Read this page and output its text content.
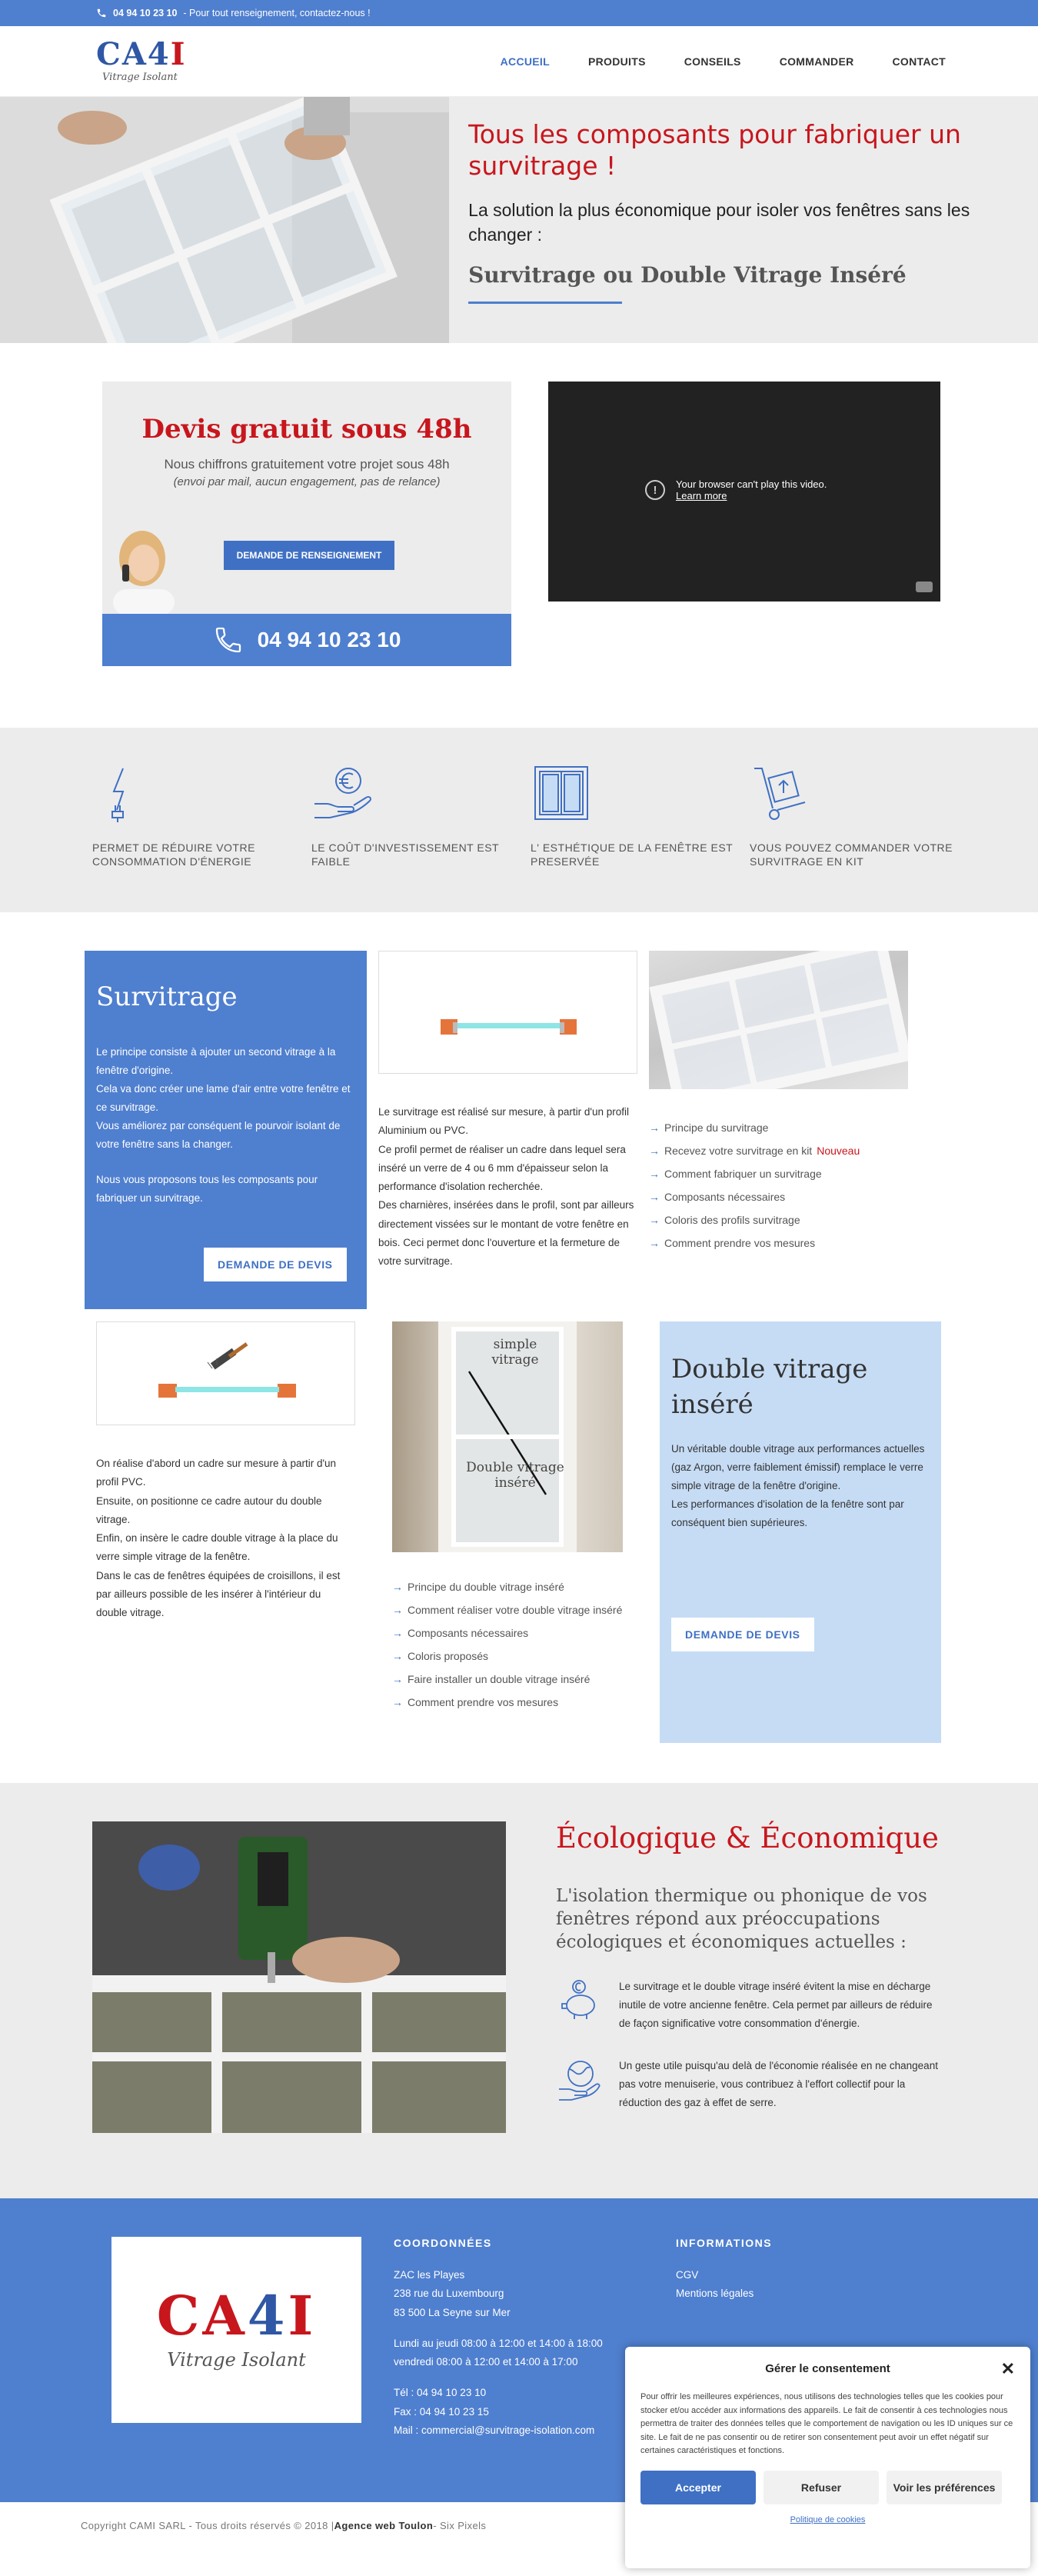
04 94 10 23 10 - Pour tout renseignement, contactez-nous !
CA4I
Vitrage Isolant
ACCUEIL	PRODUITS	CONSEILS	COMMANDER	CONTACT
Tous les composants pour fabriquer un survitrage !

La solution la plus économique pour isoler vos fenêtres sans les changer :

Survitrage ou Double Vitrage Inséré
Devis gratuit sous 48h

Nous chiffrons gratuitement votre projet sous 48h

(envoi par mail, aucun engagement, pas de relance)

DEMANDE DE RENSEIGNEMENT
04 94 10 23 10
!	Your browser can't play this video.
Learn more

PERMET DE RÉDUIRE VOTRE CONSOMMATION D'ÉNERGIE

LE COÛT D'INVESTISSEMENT EST FAIBLE

L' ESTHÉTIQUE DE LA FENÊTRE EST PRESERVÉE

VOUS POUVEZ COMMANDER VOTRE SURVITRAGE EN KIT

Survitrage

Le principe consiste à ajouter un second vitrage à la fenêtre d'origine.

Cela va donc créer une lame d'air entre votre fenêtre et ce survitrage.

Vous améliorez par conséquent le pourvoir isolant de votre fenêtre sans la changer.

Nous vous proposons tous les composants pour fabriquer un survitrage.

DEMANDE DE DEVIS

Le survitrage est réalisé sur mesure, à partir d'un profil Aluminium ou PVC.
Ce profil permet de réaliser un cadre dans lequel sera inséré un verre de 4 ou 6 mm d'épaisseur selon la performance d'isolation recherchée.
Des charnières, insérées dans le profil, sont par ailleurs directement vissées sur le montant de votre fenêtre en bois. Ceci permet donc l'ouverture et la fermeture de votre survitrage.

→ Principe du survitrage
→ Recevez votre survitrage en kit Nouveau
→ Comment fabriquer un survitrage
→ Composants nécessaires
→ Coloris des profils survitrage
→ Comment prendre vos mesures

On réalise d'abord un cadre sur mesure à partir d'un profil PVC.
Ensuite, on positionne ce cadre autour du double vitrage.
Enfin, on insère le cadre double vitrage à la place du verre simple vitrage de la fenêtre.
Dans le cas de fenêtres équipées de croisillons, il est par ailleurs possible de les insérer à l'intérieur du double vitrage.

simple vitrage
Double vitrage inséré
→ Principe du double vitrage inséré
→ Comment réaliser votre double vitrage inséré
→ Composants nécessaires
→ Coloris proposés
→ Faire installer un double vitrage inséré
→ Comment prendre vos mesures
Double vitrage inséré

Un véritable double vitrage aux performances actuelles (gaz Argon, verre faiblement émissif) remplace le verre simple vitrage de la fenêtre d'origine.
Les performances d'isolation de la fenêtre sont par conséquent bien supérieures.

DEMANDE DE DEVIS
Écologique & Économique

L'isolation thermique ou phonique de vos fenêtres répond aux préoccupations écologiques et économiques actuelles :

Le survitrage et le double vitrage inséré évitent la mise en décharge inutile de votre ancienne fenêtre. Cela permet par ailleurs de réduire de façon significative votre consommation d'énergie.

Un geste utile puisqu'au delà de l'économie réalisée en ne changeant pas votre menuiserie, vous contribuez à l'effort collectif pour la réduction des gaz à effet de serre.

CA4I
Vitrage Isolant
COORDONNÉES

ZAC les Playes
238 rue du Luxembourg
83 500 La Seyne sur Mer

Lundi au jeudi 08:00 à 12:00 et 14:00 à 18:00
vendredi 08:00 à 12:00 et 14:00 à 17:00

Tél : 04 94 10 23 10
Fax : 04 94 10 23 15
Mail : commercial@survitrage-isolation.com

INFORMATIONS

CGV
Mentions légales

Copyright CAMI SARL - Tous droits réservés © 2018 | Agence web Toulon - Six Pixels
Gérer le consentement	✕

Pour offrir les meilleures expériences, nous utilisons des technologies telles que les cookies pour stocker et/ou accéder aux informations des appareils. Le fait de consentir à ces technologies nous permettra de traiter des données telles que le comportement de navigation ou les ID uniques sur ce site. Le fait de ne pas consentir ou de retirer son consentement peut avoir un effet négatif sur certaines caractéristiques et fonctions.

Accepter	Refuser	Voir les préférences
Politique de cookies
